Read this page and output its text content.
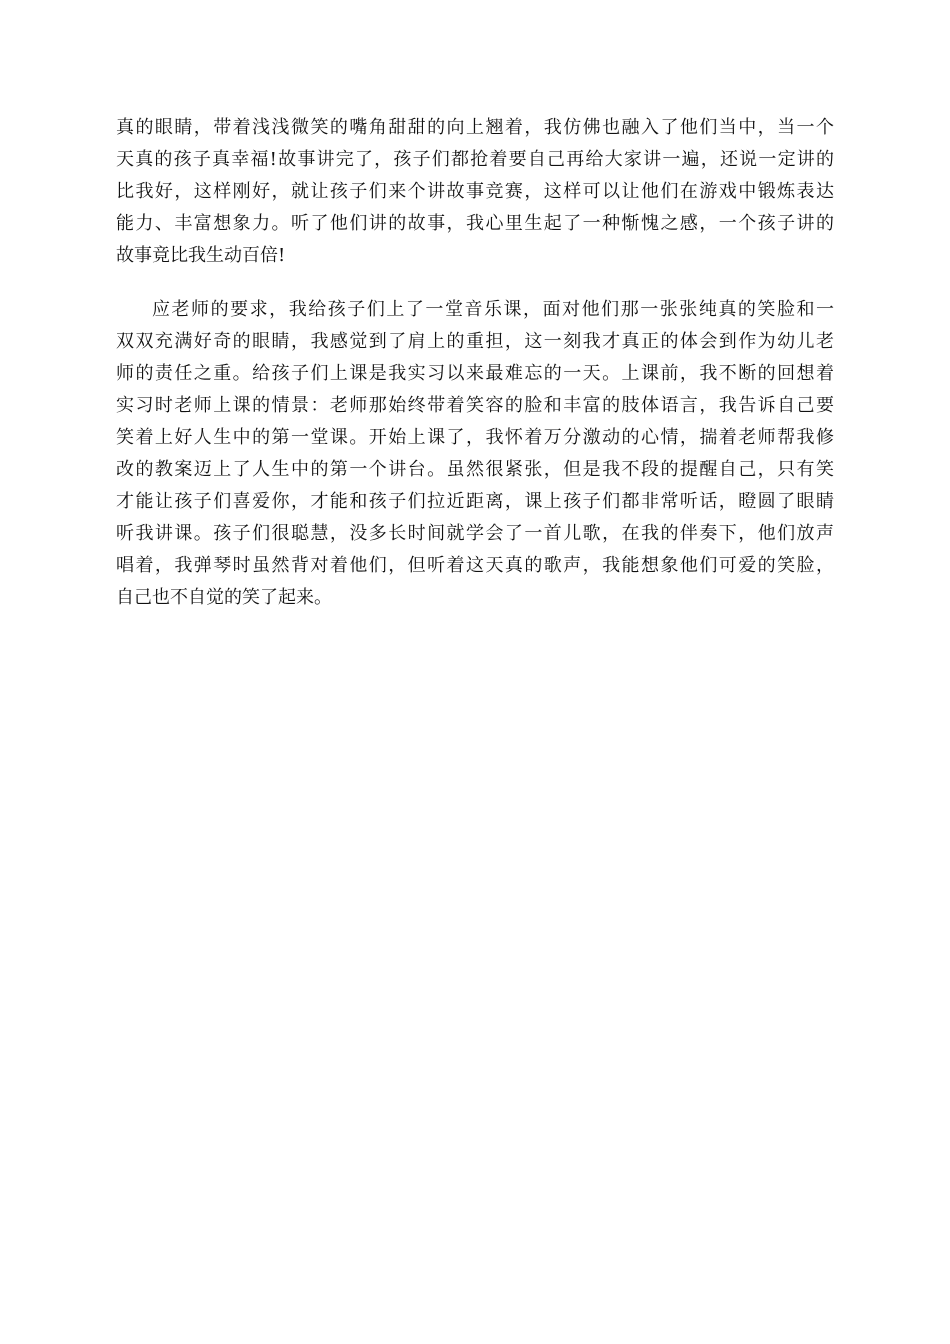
真的眼睛，带着浅浅微笑的嘴角甜甜的向上翘着，我仿佛也融入了他们当中，当一个
天真的孩子真幸福!故事讲完了，孩子们都抢着要自己再给大家讲一遍，还说一定讲的
比我好，这样刚好，就让孩子们来个讲故事竞赛，这样可以让他们在游戏中锻炼表达
能力、丰富想象力。听了他们讲的故事，我心里生起了一种惭愧之感，一个孩子讲的
故事竟比我生动百倍!
应老师的要求，我给孩子们上了一堂音乐课，面对他们那一张张纯真的笑脸和一
双双充满好奇的眼睛，我感觉到了肩上的重担，这一刻我才真正的体会到作为幼儿老
师的责任之重。给孩子们上课是我实习以来最难忘的一天。上课前，我不断的回想着
实习时老师上课的情景：老师那始终带着笑容的脸和丰富的肢体语言，我告诉自己要
笑着上好人生中的第一堂课。开始上课了，我怀着万分激动的心情，揣着老师帮我修
改的教案迈上了人生中的第一个讲台。虽然很紧张，但是我不段的提醒自己，只有笑
才能让孩子们喜爱你，才能和孩子们拉近距离，课上孩子们都非常听话，瞪圆了眼睛
听我讲课。孩子们很聪慧，没多长时间就学会了一首儿歌，在我的伴奏下，他们放声
唱着，我弹琴时虽然背对着他们，但听着这天真的歌声，我能想象他们可爱的笑脸，
自己也不自觉的笑了起来。
